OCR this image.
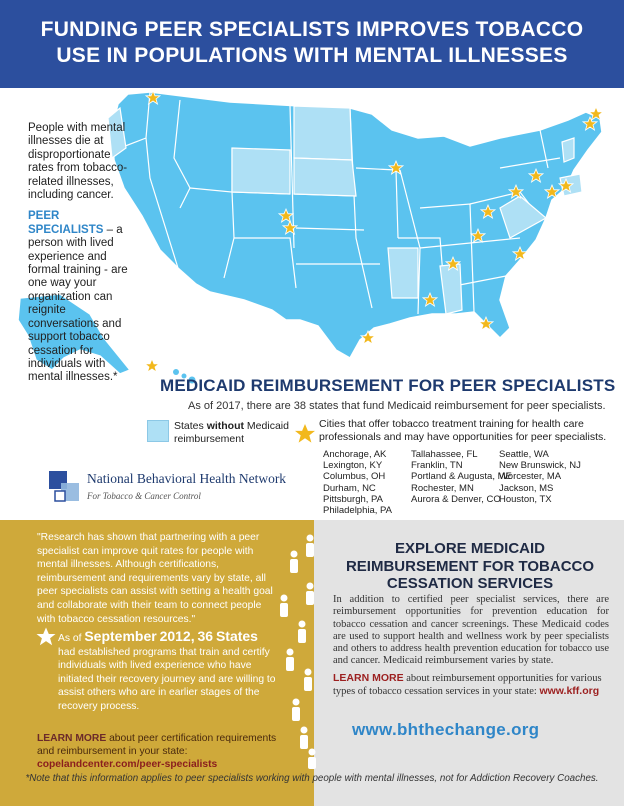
FUNDING PEER SPECIALISTS IMPROVES TOBACCO
USE IN POPULATIONS WITH MENTAL ILLNESSES

People with mental illnesses die at disproportionate rates from tobacco-related illnesses, including cancer.

PEER SPECIALISTS – a person with lived experience and formal training - are one way your organization can reignite conversations and support tobacco cessation for individuals with mental illnesses.*	MEDICAID REIMBURSEMENT FOR PEER SPECIALISTS
As of 2017, there are 38 states that fund Medicaid reimbursement for peer specialists.
States without Medicaid reimbursement
Cities that offer tobacco treatment training for health care professionals and may have opportunities for peer specialists.
Anchorage, AK
Lexington, KY
Columbus, OH
Durham, NC
Pittsburgh, PA
Philadelphia, PA
Tallahassee, FL
Franklin, TN
Portland & Augusta, ME
Rochester, MN
Aurora & Denver, CO
Seattle, WA
New Brunswick, NJ
Worcester, MA
Jackson, MS
Houston, TX
National Behavioral Health Network
For Tobacco & Cancer Control
"Research has shown that partnering with a peer specialist can improve quit rates for people with mental illnesses. Although certifications, reimbursement and requirements vary by state, all peer specialists can assist with setting a health goal and collaborate with their team to connect people with tobacco cessation resources."
As of September 2012, 36 States had established programs that train and certify individuals with lived experience who have initiated their recovery journey and are willing to assist others who are in earlier stages of the recovery process.
LEARN MORE about peer certification requirements and reimbursement in your state:
copelandcenter.com/peer-specialists
EXPLORE MEDICAID REIMBURSEMENT FOR TOBACCO CESSATION SERVICES
In addition to certified peer specialist services, there are reimbursement opportunities for prevention education for tobacco cessation and cancer screenings. These Medicaid codes are used to support health and wellness work by peer specialists and others to address health prevention education for tobacco use and cancer. Medicaid reimbursement varies by state.
LEARN MORE about reimbursement opportunities for various types of tobacco cessation services in your state: www.kff.org
www.bhthechange.org
*Note that this information applies to peer specialists working with people with mental illnesses, not for Addiction Recovery Coaches.
